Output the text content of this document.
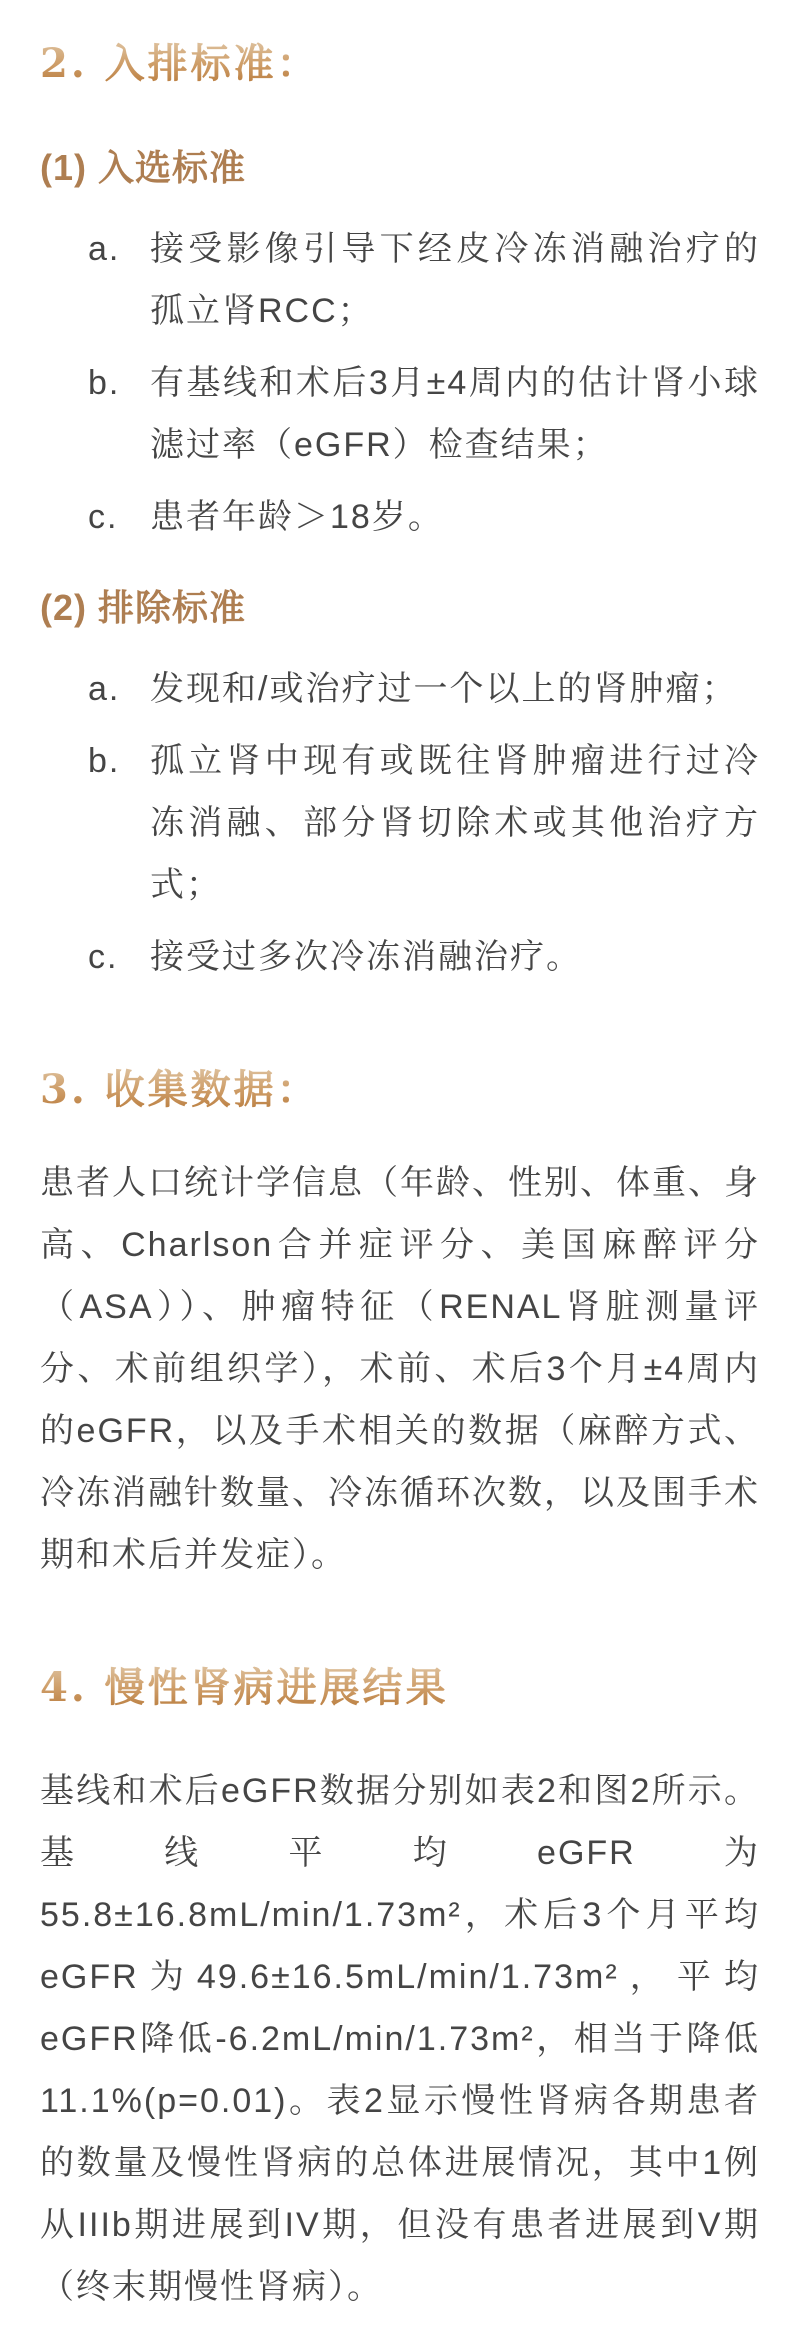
2. 入排标准：
(1) 入选标准
a. 接受影像引导下经皮冷冻消融治疗的孤立肾RCC；
b. 有基线和术后3月±4周内的估计肾小球滤过率（eGFR）检查结果；
c. 患者年龄＞18岁。
(2) 排除标准
a. 发现和/或治疗过一个以上的肾肿瘤；
b. 孤立肾中现有或既往肾肿瘤进行过冷冻消融、部分肾切除术或其他治疗方式；
c. 接受过多次冷冻消融治疗。
3. 收集数据：

患者人口统计学信息（年龄、性别、体重、身高、Charlson合并症评分、美国麻醉评分（ASA））、肿瘤特征（RENAL肾脏测量评分、术前组织学），术前、术后3个月±4周内的eGFR，以及手术相关的数据（麻醉方式、冷冻消融针数量、冷冻循环次数，以及围手术期和术后并发症）。

4. 慢性肾病进展结果

基线和术后eGFR数据分别如表2和图2所示。基线平均eGFR为55.8±16.8mL/min/1.73m²，术后3个月平均eGFR为49.6±16.5mL/min/1.73m²，平均eGFR降低-6.2mL/min/1.73m²，相当于降低11.1%(p=0.01)。表2显示慢性肾病各期患者的数量及慢性肾病的总体进展情况，其中1例从IIIb期进展到IV期，但没有患者进展到V期（终末期慢性肾病）。
